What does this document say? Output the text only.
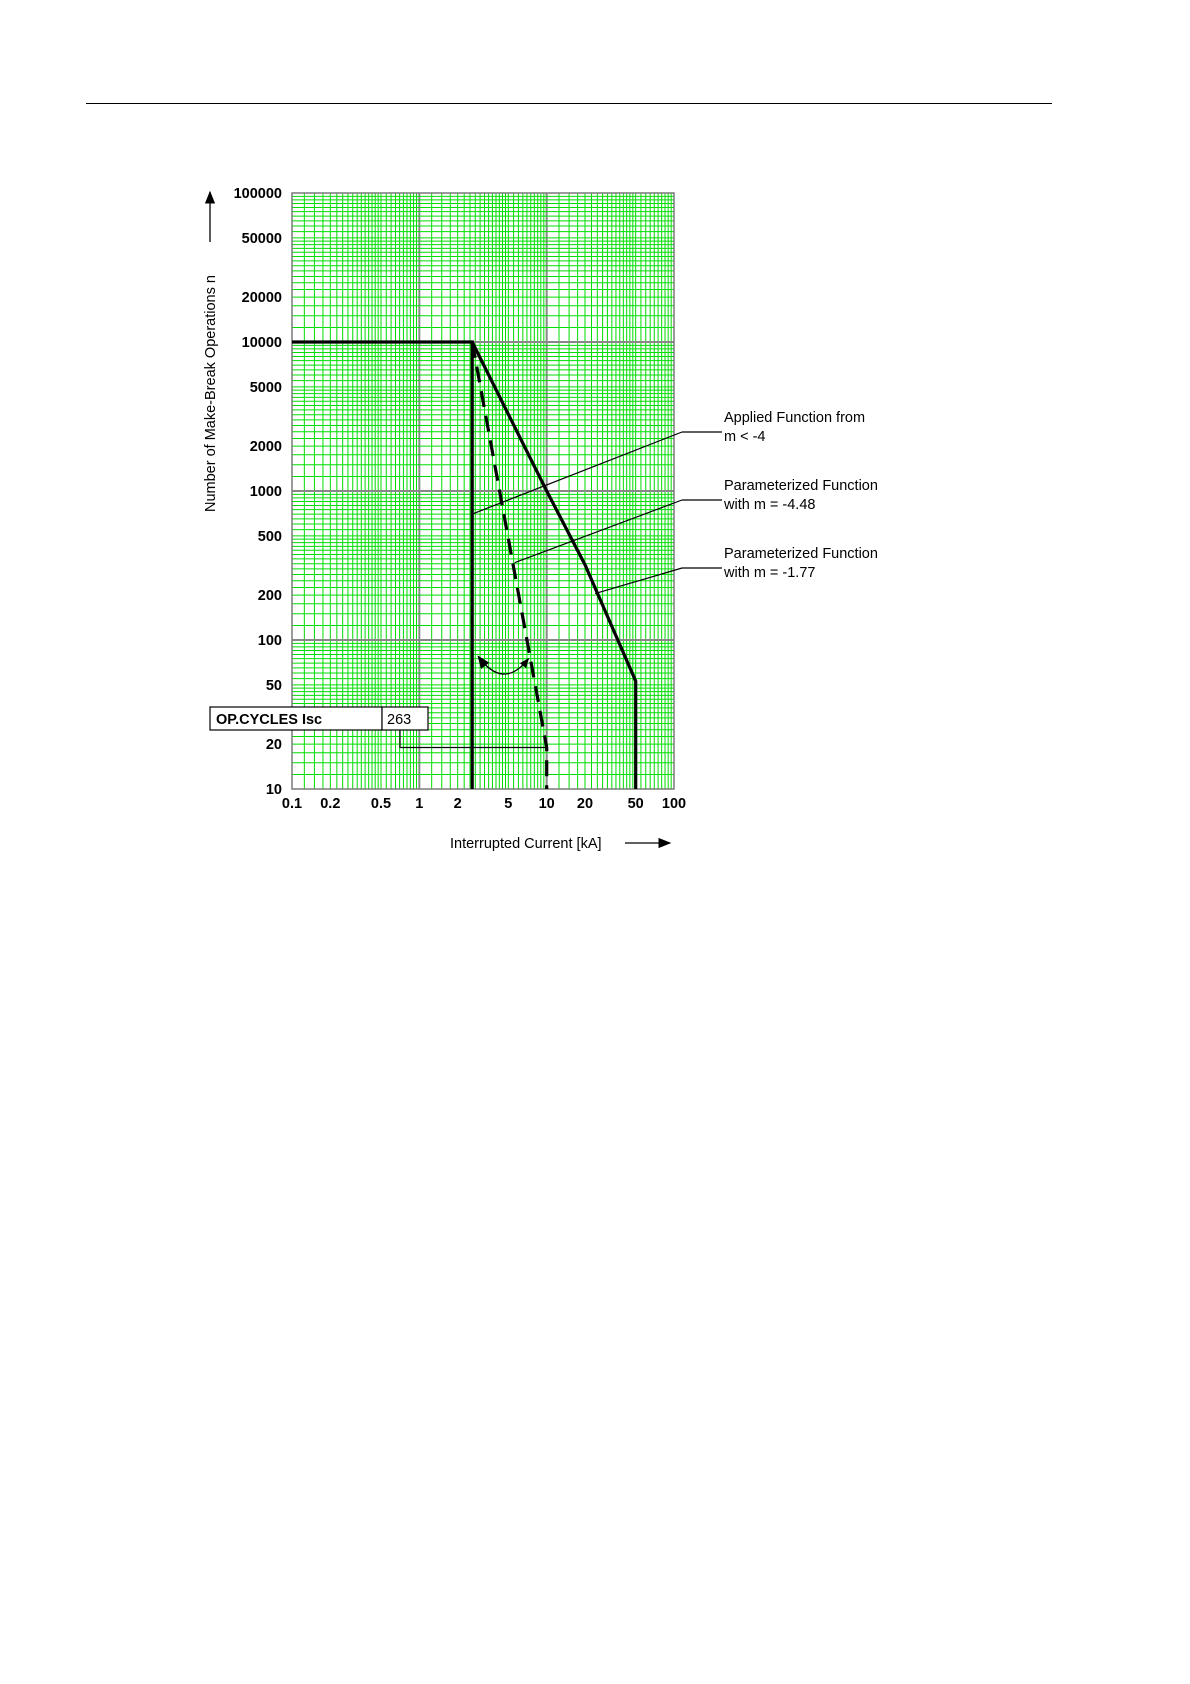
Applied Function from
m < -4
Parameterized Function
with m = -4.48
Parameterized Function
with m = -1.77
0.1 0.2 0.5 1 2	5 10 20 50 100
10
20
50
100
200
500
1000
2000
5000
10000
20000
50000
100000
Interrupted Current [kA]
Number of Make-Break Operations n
OP.CYCLES Isc	263
